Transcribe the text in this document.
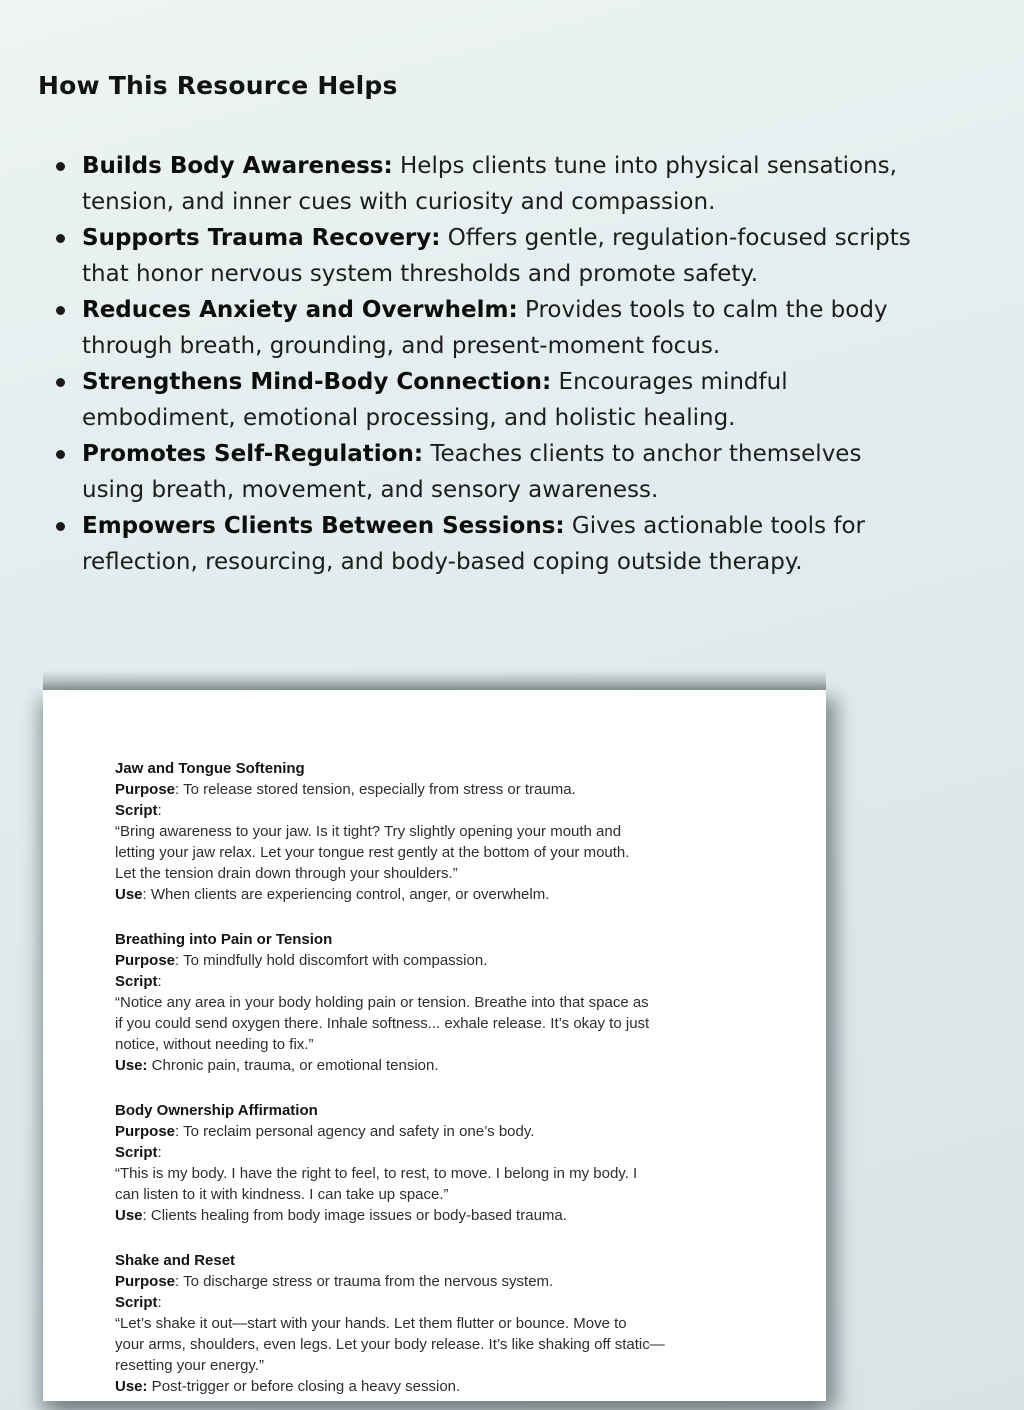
How This Resource Helps
Builds Body Awareness: Helps clients tune into physical sensations,
tension, and inner cues with curiosity and compassion.
Supports Trauma Recovery: Offers gentle, regulation-focused scripts
that honor nervous system thresholds and promote safety.
Reduces Anxiety and Overwhelm: Provides tools to calm the body
through breath, grounding, and present-moment focus.
Strengthens Mind-Body Connection: Encourages mindful
embodiment, emotional processing, and holistic healing.
Promotes Self-Regulation: Teaches clients to anchor themselves
using breath, movement, and sensory awareness.
Empowers Clients Between Sessions: Gives actionable tools for
reflection, resourcing, and body-based coping outside therapy.
Jaw and Tongue Softening
Purpose: To release stored tension, especially from stress or trauma.
Script:
“Bring awareness to your jaw. Is it tight? Try slightly opening your mouth and
letting your jaw relax. Let your tongue rest gently at the bottom of your mouth.
Let the tension drain down through your shoulders.”
Use: When clients are experiencing control, anger, or overwhelm.
Breathing into Pain or Tension
Purpose: To mindfully hold discomfort with compassion.
Script:
“Notice any area in your body holding pain or tension. Breathe into that space as
if you could send oxygen there. Inhale softness... exhale release. It’s okay to just
notice, without needing to fix.”
Use: Chronic pain, trauma, or emotional tension.
Body Ownership Affirmation
Purpose: To reclaim personal agency and safety in one’s body.
Script:
“This is my body. I have the right to feel, to rest, to move. I belong in my body. I
can listen to it with kindness. I can take up space.”
Use: Clients healing from body image issues or body-based trauma.
Shake and Reset
Purpose: To discharge stress or trauma from the nervous system.
Script:
“Let’s shake it out—start with your hands. Let them flutter or bounce. Move to
your arms, shoulders, even legs. Let your body release. It’s like shaking off static—
resetting your energy.”
Use: Post-trigger or before closing a heavy session.
